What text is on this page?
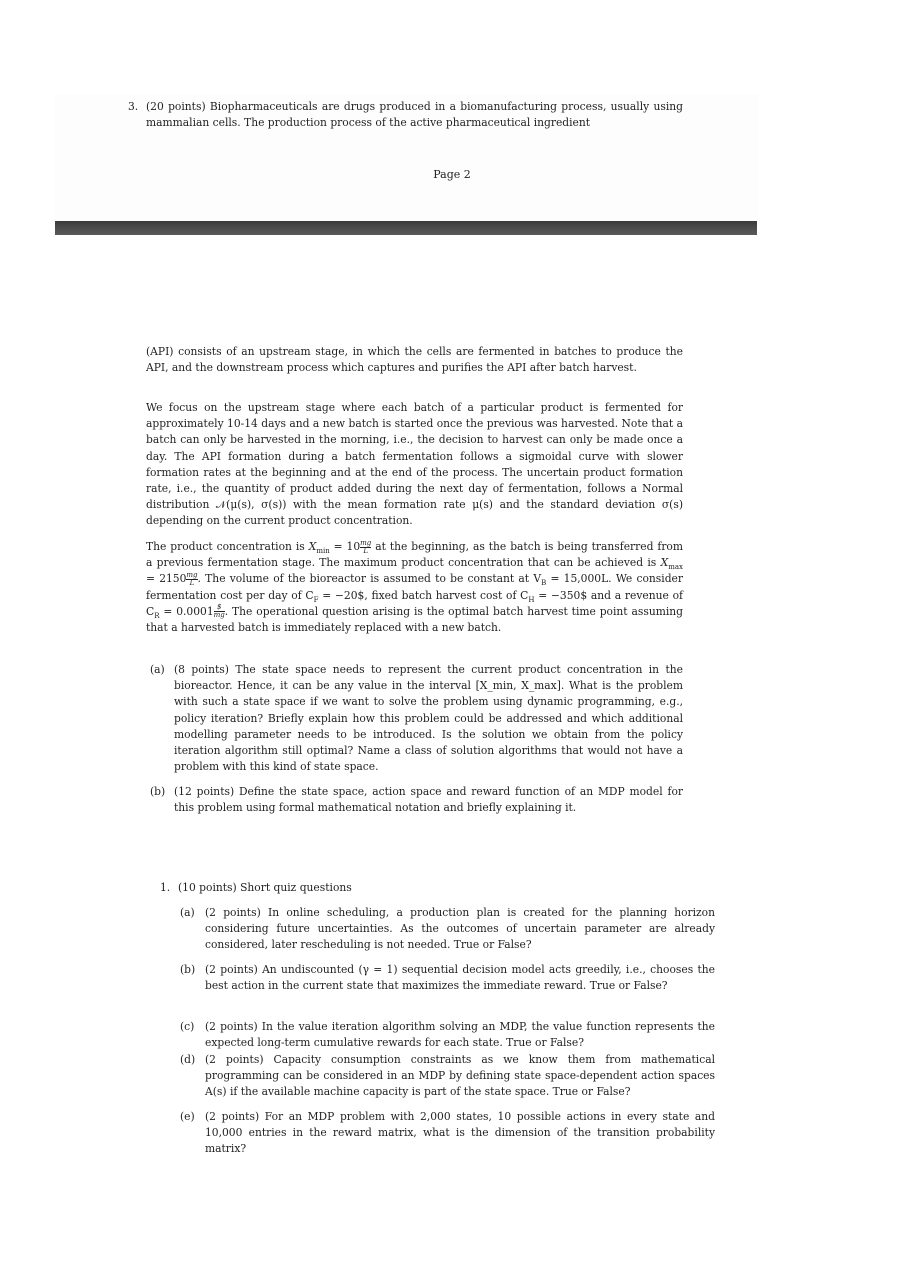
3. (20 points) Biopharmaceuticals are drugs produced in a biomanufacturing process, usually using mammalian cells. The production process of the active pharmaceutical ingredient
Page 2
(API) consists of an upstream stage, in which the cells are fermented in batches to produce the API, and the downstream process which captures and purifies the API after batch harvest.
We focus on the upstream stage where each batch of a particular product is fermented for approximately 10-14 days and a new batch is started once the previous was harvested. Note that a batch can only be harvested in the morning, i.e., the decision to harvest can only be made once a day. The API formation during a batch fermentation follows a sigmoidal curve with slower formation rates at the beginning and at the end of the process. The uncertain product formation rate, i.e., the quantity of product added during the next day of fermentation, follows a Normal distribution 𝒩(μ(s), σ(s)) with the mean formation rate μ(s) and the standard deviation σ(s) depending on the current product concentration.
The product concentration is $X_{min} = 10 \frac{mg}{L}$ at the beginning, as the batch is being transferred from a previous fermentation stage. The maximum product concentration that can be achieved is $X_{max} = 2150 \frac{mg}{L}$ . The volume of the bioreactor is assumed to be constant at $V_B = 15,000L$. We consider fermentation cost per day of $C_F$ = −20$, fixed batch harvest cost of $C_H$ = −350$ and a revenue of $C_R = 0.0001 \frac{\$}{mg}$ . The operational question arising is the optimal batch harvest time point assuming that a harvested batch is immediately replaced with a new batch.
(a) (8 points) The state space needs to represent the current product concentration in the bioreactor. Hence, it can be any value in the interval [X_min, X_max]. What is the problem with such a state space if we want to solve the problem using dynamic programming, e.g., policy iteration? Briefly explain how this problem could be addressed and which additional modelling parameter needs to be introduced. Is the solution we obtain from the policy iteration algorithm still optimal? Name a class of solution algorithms that would not have a problem with this kind of state space.
(b) (12 points) Define the state space, action space and reward function of an MDP model for this problem using formal mathematical notation and briefly explaining it.
1. (10 points) Short quiz questions
(a) (2 points) In online scheduling, a production plan is created for the planning horizon considering future uncertainties. As the outcomes of uncertain parameter are already considered, later rescheduling is not needed. True or False?
(b) (2 points) An undiscounted (γ = 1) sequential decision model acts greedily, i.e., chooses the best action in the current state that maximizes the immediate reward. True or False?
(c) (2 points) In the value iteration algorithm solving an MDP, the value function represents the expected long-term cumulative rewards for each state. True or False?
(d) (2 points) Capacity consumption constraints as we know them from mathematical programming can be considered in an MDP by defining state space-dependent action spaces A(s) if the available machine capacity is part of the state space. True or False?
(e) (2 points) For an MDP problem with 2,000 states, 10 possible actions in every state and 10,000 entries in the reward matrix, what is the dimension of the transition probability matrix?
